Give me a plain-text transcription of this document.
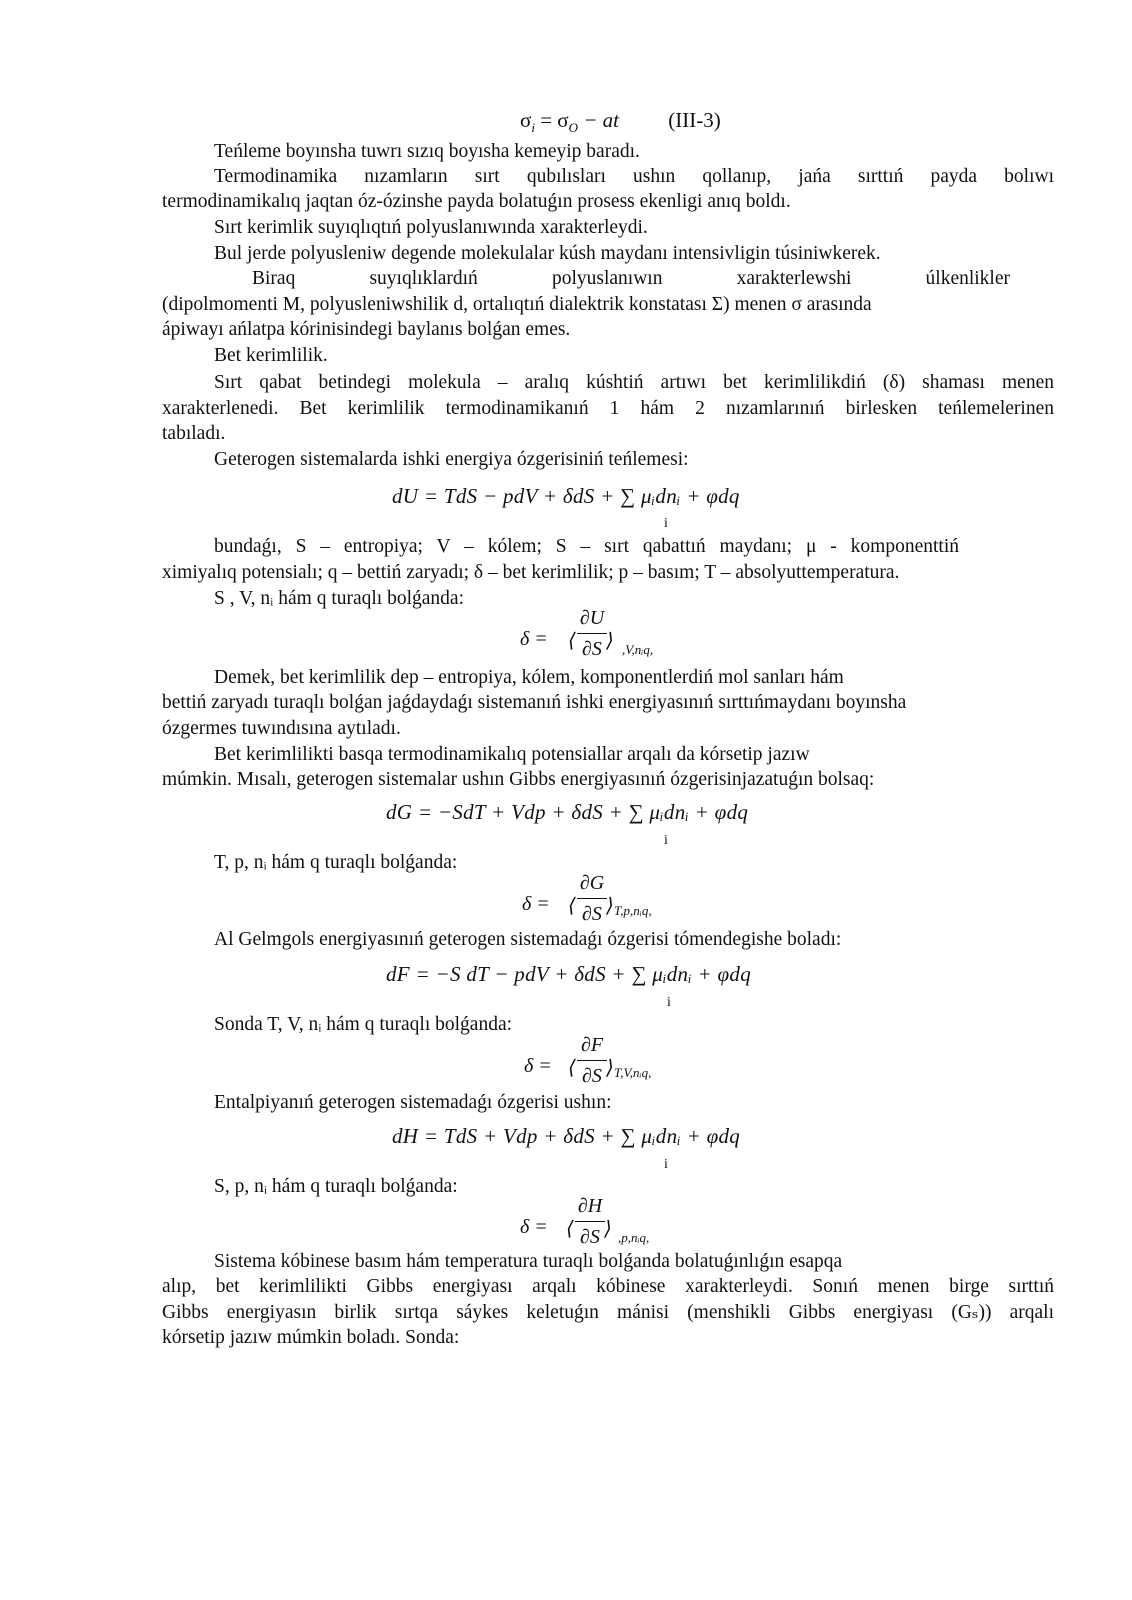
$\sigma_i = \sigma_O$ − at (III-3)
Teńleme boyınsha tuwrı sızıq boyısha kemeyip baradı.
Termodinamika nızamların sırt qubılısları ushın qollanıp, jańa sırttıń payda bolıwı
termodinamikalıq jaqtan óz-ózinshe payda bolatuǵın prosess ekenligi anıq boldı.
Sırt kerimlik suyıqlıqtıń polyuslanıwında xarakterleydi.
Bul jerde polyusleniw degende molekulalar kúsh maydanı intensivligin túsiniwkerek.
Biraq suyıqlıklardıń polyuslanıwın xarakterlewshi úlkenlikler
(dipolmomenti M, polyusleniwshilik d, ortalıqtıń dialektrik konstatası Σ) menen σ arasında
ápiwayı ańlatpa kórinisindegi baylanıs bolǵan emes.
Bet kerimlilik.
Sırt qabat betindegi molekula – aralıq kúshtiń artıwı bet kerimlilikdiń (δ) shaması menen
xarakterlenedi. Bet kerimlilik termodinamikanıń 1 hám 2 nızamlarınıń birlesken teńlemelerinen
tabıladı.
Geterogen sistemalarda ishki energiya ózgerisiniń teńlemesi:
dU = TdS − pdV + δdS + ∑ μᵢdnᵢ + φdq
i
bundaǵı, S – entropiya; V – kólem; S – sırt qabattıń maydanı; μ - komponenttiń
ximiyalıq potensialı; q – bettiń zaryadı; δ – bet kerimlilik; p – basım; T – absolyuttemperatura.
S , V, nᵢ hám q turaqlı bolǵanda:
δ = ⟨
∂U
∂S ⟩ ,V,nᵢq,
Demek, bet kerimlilik dep – entropiya, kólem, komponentlerdiń mol sanları hám
bettiń zaryadı turaqlı bolǵan jaǵdaydaǵı sistemanıń ishki energiyasınıń sırttıńmaydanı boyınsha
ózgermes tuwındısına aytıladı.
Bet kerimlilikti basqa termodinamikalıq potensiallar arqalı da kórsetip jazıw
múmkin. Mısalı, geterogen sistemalar ushın Gibbs energiyasınıń ózgerisinjazatuǵın bolsaq:
dG = −SdT + Vdp + δdS + ∑ μᵢdnᵢ + φdq
i
T, p, nᵢ hám q turaqlı bolǵanda:
δ = ⟨
∂G
∂S ⟩ T,p,nᵢq,
Al Gelmgols energiyasınıń geterogen sistemadaǵı ózgerisi tómendegishe boladı:
dF = −S dT − pdV + δdS + ∑ μᵢdnᵢ + φdq
i
Sonda T, V, nᵢ hám q turaqlı bolǵanda:
δ = ⟨
∂F
∂S ⟩ T,V,nᵢq,
Entalpiyanıń geterogen sistemadaǵı ózgerisi ushın:
dH = TdS + Vdp + δdS + ∑ μᵢdnᵢ + φdq
i
S, p, nᵢ hám q turaqlı bolǵanda:
δ = ⟨
∂H
∂S ⟩ ,p,nᵢq,
Sistema kóbinese basım hám temperatura turaqlı bolǵanda bolatuǵınlıǵın esapqa
alıp, bet kerimlilikti Gibbs energiyası arqalı kóbinese xarakterleydi. Sonıń menen birge sırttıń
Gibbs energiyasın birlik sırtqa sáykes keletuǵın mánisi (menshikli Gibbs energiyası (Gₛ)) arqalı
kórsetip jazıw múmkin boladı. Sonda:
